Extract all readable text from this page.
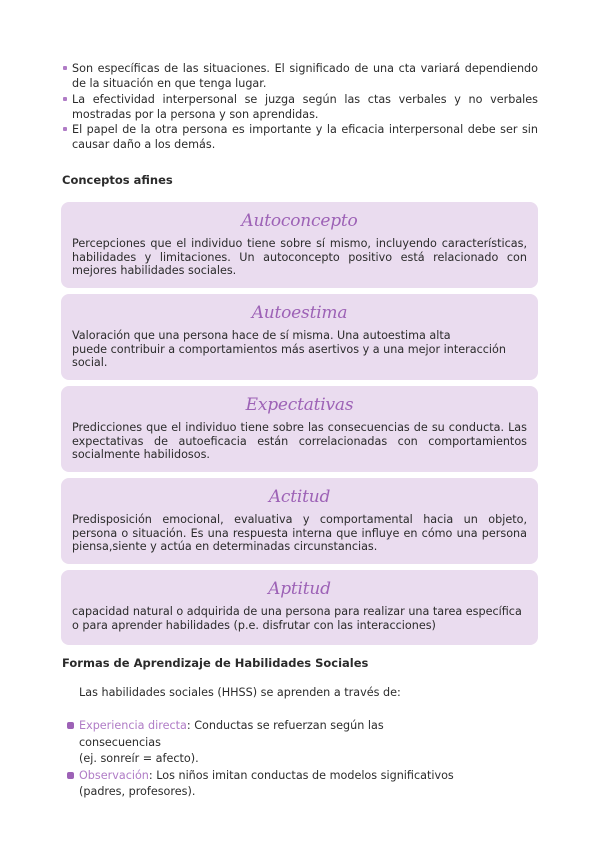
Son específicas de las situaciones. El significado de una cta variará dependiendo de la situación en que tenga lugar.
La efectividad interpersonal se juzga según las ctas verbales y no verbales mostradas por la persona y son aprendidas.
El papel de la otra persona es importante y la eficacia interpersonal debe ser sin causar daño a los demás.
Conceptos afines
Autoconcepto
Percepciones que el individuo tiene sobre sí mismo, incluyendo características, habilidades y limitaciones. Un autoconcepto positivo está relacionado con mejores habilidades sociales.
Autoestima
Valoración que una persona hace de sí misma. Una autoestima alta
puede contribuir a comportamientos más asertivos y a una mejor interacción social.
Expectativas
Predicciones que el individuo tiene sobre las consecuencias de su conducta. Las expectativas de autoeficacia están correlacionadas con comportamientos socialmente habilidosos.
Actitud
Predisposición emocional, evaluativa y comportamental hacia un objeto, persona o situación. Es una respuesta interna que influye en cómo una persona piensa,siente y actúa en determinadas circunstancias.
Aptitud
capacidad natural o adquirida de una persona para realizar una tarea específica o para aprender habilidades (p.e. disfrutar con las interacciones)
Formas de Aprendizaje de Habilidades Sociales
Las habilidades sociales (HHSS) se aprenden a través de:
Experiencia directa: Conductas se refuerzan según las consecuencias
(ej. sonreír = afecto).
Observación: Los niños imitan conductas de modelos significativos
(padres, profesores).
